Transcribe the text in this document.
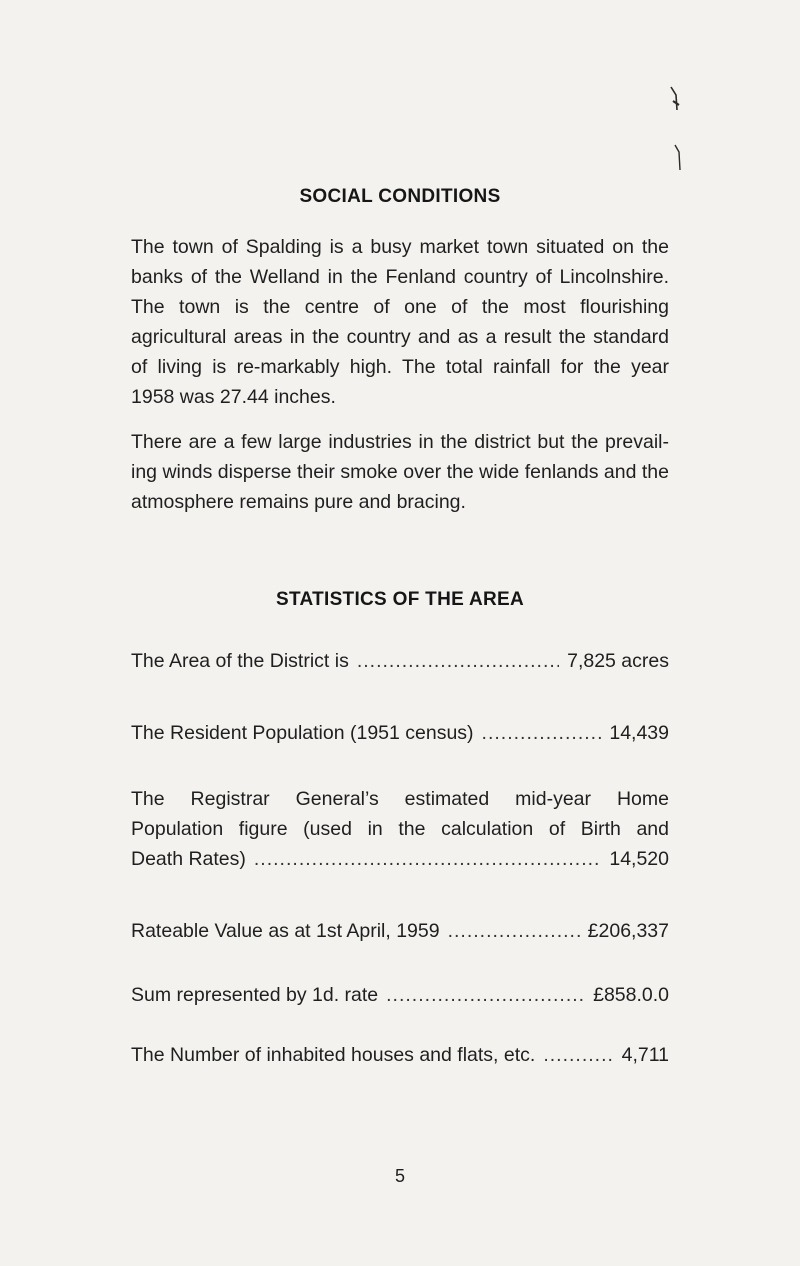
SOCIAL CONDITIONS

The town of Spalding is a busy market town situated on the banks of the Welland in the Fenland country of Lincolnshire. The town is the centre of one of the most flourishing agricultural areas in the country and as a result the standard of living is re-markably high. The total rainfall for the year 1958 was 27.44 inches.

There are a few large industries in the district but the prevail-ing winds disperse their smoke over the wide fenlands and the atmosphere remains pure and bracing.

STATISTICS OF THE AREA
The Area of the District is .....	7,825 acres
The Resident Population (1951 census) .....	14,439
The Registrar General’s estimated mid-year Home
Population figure (used in the calculation of Birth and
Death Rates) .....	14,520
Rateable Value as at 1st April, 1959 .....	£206,337
Sum represented by 1d. rate .....	£858.0.0
The Number of inhabited houses and flats, etc. .....	4,711
5
